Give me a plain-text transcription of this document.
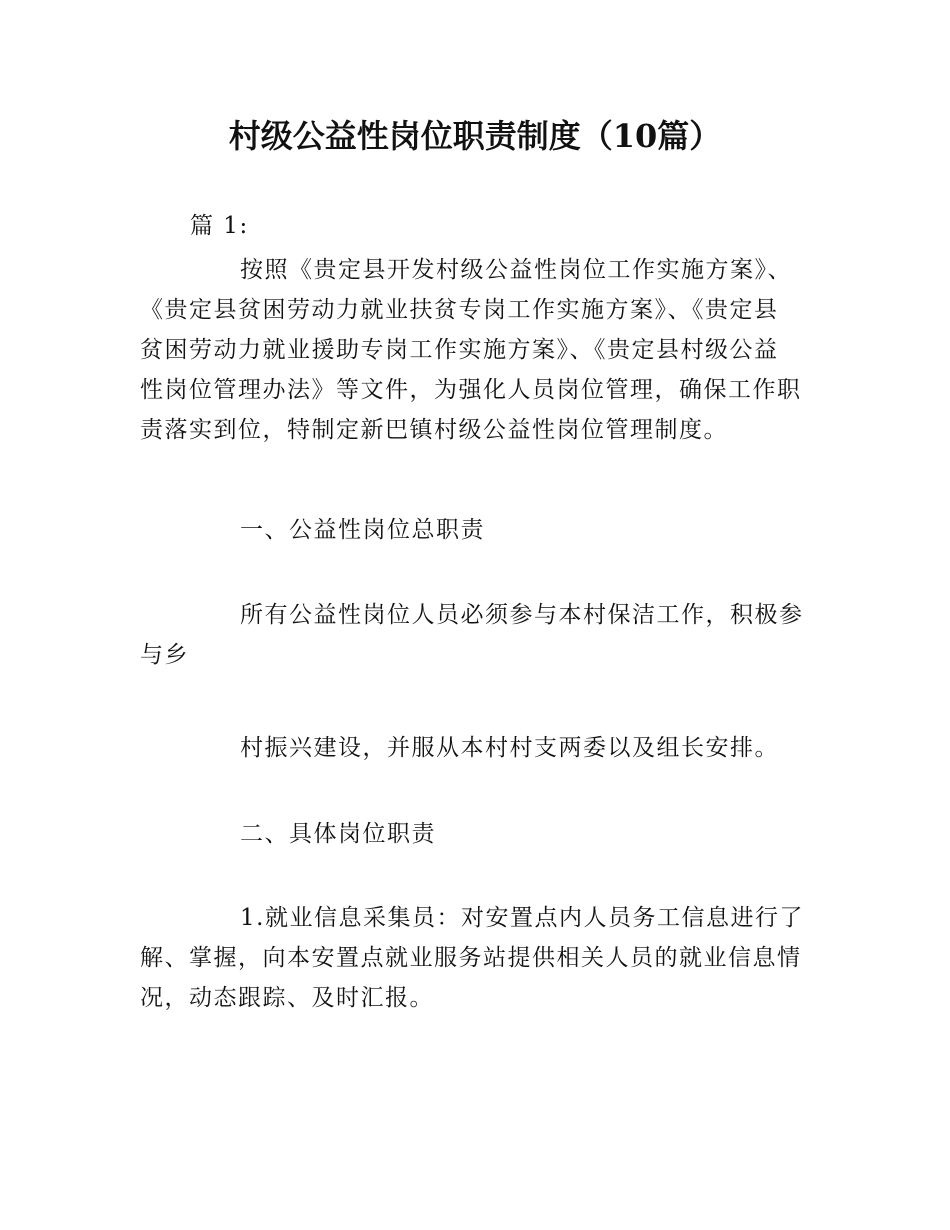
村级公益性岗位职责制度（10篇）
篇 1:
按照《贵定县开发村级公益性岗位工作实施方案》、
《贵定县贫困劳动力就业扶贫专岗工作实施方案》、《贵定县
贫困劳动力就业援助专岗工作实施方案》、《贵定县村级公益
性岗位管理办法》等文件，为强化人员岗位管理，确保工作职
责落实到位，特制定新巴镇村级公益性岗位管理制度。
一、公益性岗位总职责
所有公益性岗位人员必须参与本村保洁工作，积极参
与乡
村振兴建设，并服从本村村支两委以及组长安排。
二、具体岗位职责
1.就业信息采集员：对安置点内人员务工信息进行了
解、掌握，向本安置点就业服务站提供相关人员的就业信息情
况，动态跟踪、及时汇报。
